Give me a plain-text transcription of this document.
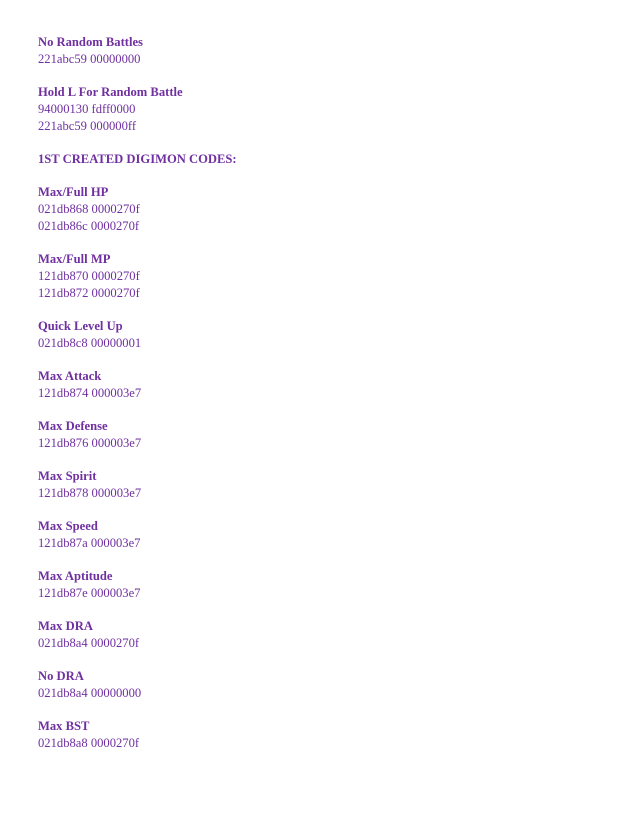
No Random Battles
221abc59 00000000
Hold L For Random Battle
94000130 fdff0000
221abc59 000000ff
1ST CREATED DIGIMON CODES:
Max/Full HP
021db868 0000270f
021db86c 0000270f
Max/Full MP
121db870 0000270f
121db872 0000270f
Quick Level Up
021db8c8 00000001
Max Attack
121db874 000003e7
Max Defense
121db876 000003e7
Max Spirit
121db878 000003e7
Max Speed
121db87a 000003e7
Max Aptitude
121db87e 000003e7
Max DRA
021db8a4 0000270f
No DRA
021db8a4 00000000
Max BST
021db8a8 0000270f
